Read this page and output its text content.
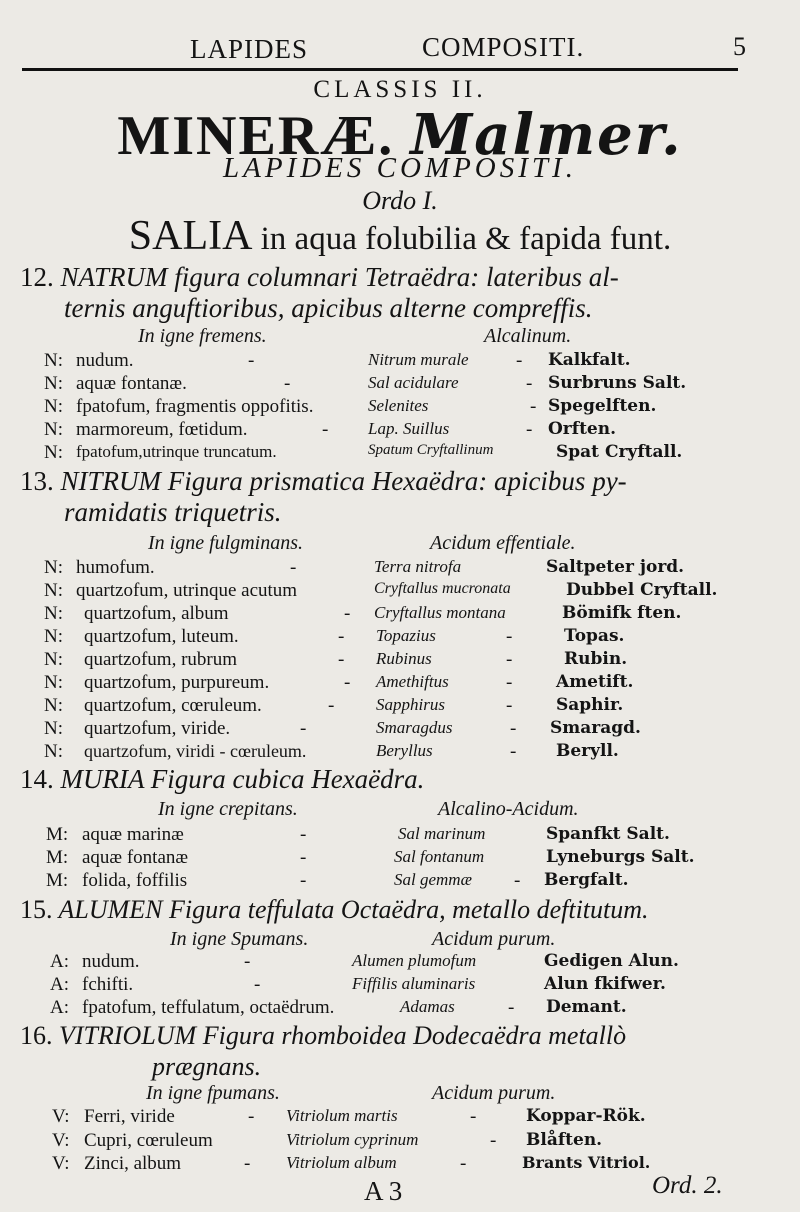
LAPIDES	COMPOSITI.	5
CLASSIS II.
MINERÆ. Malmer.
LAPIDES COMPOSITI.
Ordo I.
SALIA in aqua folubilia & fapida funt.
12. NATRUM figura columnari Tetraëdra: lateribus al-
ternis anguftioribus, apicibus alterne compreffis.
In igne fremens.	Alcalinum.
N: nudum.	-	Nitrum murale - Kalkfalt.
N: aquæ fontanæ.	-	Sal acidulare	- Surbruns Salt.
N: fpatofum, fragmentis oppofitis.	Selenites	- Spegelften.
N: marmoreum, fœtidum.	- Lap. Suillus	- Orften.
N: fpatofum,utrinque truncatum.	Spatum Cryftallinum	Spat Cryftall.
13. NITRUM Figura prismatica Hexaëdra: apicibus py-
ramidatis triquetris.
In igne fulgminans.	Acidum effentiale.
N: humofum.	-	Terra nitrofa	Saltpeter jord.
N: quartzofum, utrinque acutum	Cryftallus mucronata	Dubbel Cryftall.
N: quartzofum, album	- Cryftallus montana	Bömifk ften.
N: quartzofum, luteum.	- Topazius	-	Topas.
N: quartzofum, rubrum	- Rubinus	-	Rubin.
N: quartzofum, purpureum.	- Amethiftus	-	Ametift.
N: quartzofum, cœruleum.	- Sapphirus	-	Saphir.
N: quartzofum, viride.	-	Smaragdus	- Smaragd.
N: quartzofum, viridi - cœruleum.	Beryllus	- Beryll.
14. MURIA Figura cubica Hexaëdra.
In igne crepitans.	Alcalino-Acidum.
M: aquæ marinæ	-	Sal marinum	Spanfkt Salt.
M: aquæ fontanæ	-	Sal fontanum	Lyneburgs Salt.
M: folida, foffilis	-	Sal gemmæ - Bergfalt.
15. ALUMEN Figura teffulata Octaëdra, metallo deftitutum.
In igne Spumans.	Acidum purum.
A: nudum.	-	Alumen plumofum	Gedigen Alun.
A: fchifti.	-	Fiffilis aluminaris	Alun fkifwer.
A: fpatofum, teffulatum, octaëdrum.	Adamas	- Demant.
16. VITRIOLUM Figura rhomboidea Dodecaëdra metallò
prægnans.
In igne fpumans.	Acidum purum.
V: Ferri, viride	- Vitriolum martis	-	Koppar-Rök.
V: Cupri, cœruleum	Vitriolum cyprinum	- Blåften.
V: Zinci, album	- Vitriolum album	-	Brants Vitriol.
A 3	Ord. 2.
